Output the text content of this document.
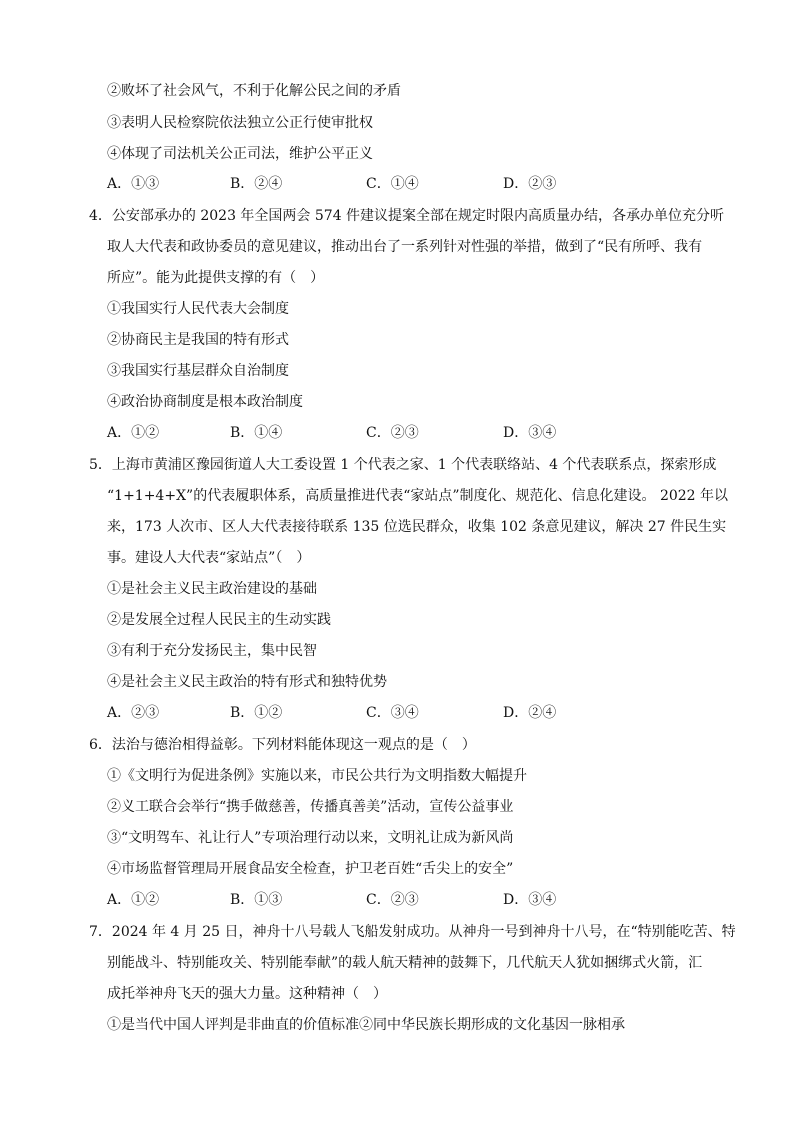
②败坏了社会风气，不利于化解公民之间的矛盾
③表明人民检察院依法独立公正行使审批权
④体现了司法机关公正司法，维护公平正义
A．①③	B．②④	C．①④	D．②③
4．公安部承办的 2023 年全国两会 574 件建议提案全部在规定时限内高质量办结，各承办单位充分听
取人大代表和政协委员的意见建议，推动出台了一系列针对性强的举措，做到了“民有所呼、我有
所应”。能为此提供支撑的有（　）
①我国实行人民代表大会制度
②协商民主是我国的特有形式
③我国实行基层群众自治制度
④政治协商制度是根本政治制度
A．①②	B．①④	C．②③	D．③④
5．上海市黄浦区豫园街道人大工委设置 1 个代表之家、1 个代表联络站、4 个代表联系点，探索形成
“1+1+4+X”的代表履职体系，高质量推进代表“家站点”制度化、规范化、信息化建设。 2022 年以
来，173 人次市、区人大代表接待联系 135 位选民群众，收集 102 条意见建议，解决 27 件民生实
事。建设人大代表“家站点”（　）
①是社会主义民主政治建设的基础
②是发展全过程人民民主的生动实践
③有利于充分发扬民主，集中民智
④是社会主义民主政治的特有形式和独特优势
A．②③	B．①②	C．③④	D．②④
6．法治与德治相得益彰。下列材料能体现这一观点的是（　）
①《文明行为促进条例》实施以来，市民公共行为文明指数大幅提升
②义工联合会举行“携手做慈善，传播真善美”活动，宣传公益事业
③“文明驾车、礼让行人”专项治理行动以来，文明礼让成为新风尚
④市场监督管理局开展食品安全检查，护卫老百姓“舌尖上的安全”
A．①②	B．①③	C．②③	D．③④
7．2024 年 4 月 25 日，神舟十八号载人飞船发射成功。从神舟一号到神舟十八号，在“特别能吃苦、特
别能战斗、特别能攻关、特别能奉献”的载人航天精神的鼓舞下，几代航天人犹如捆绑式火箭，汇
成托举神舟飞天的强大力量。这种精神（　）
①是当代中国人评判是非曲直的价值标准②同中华民族长期形成的文化基因一脉相承
